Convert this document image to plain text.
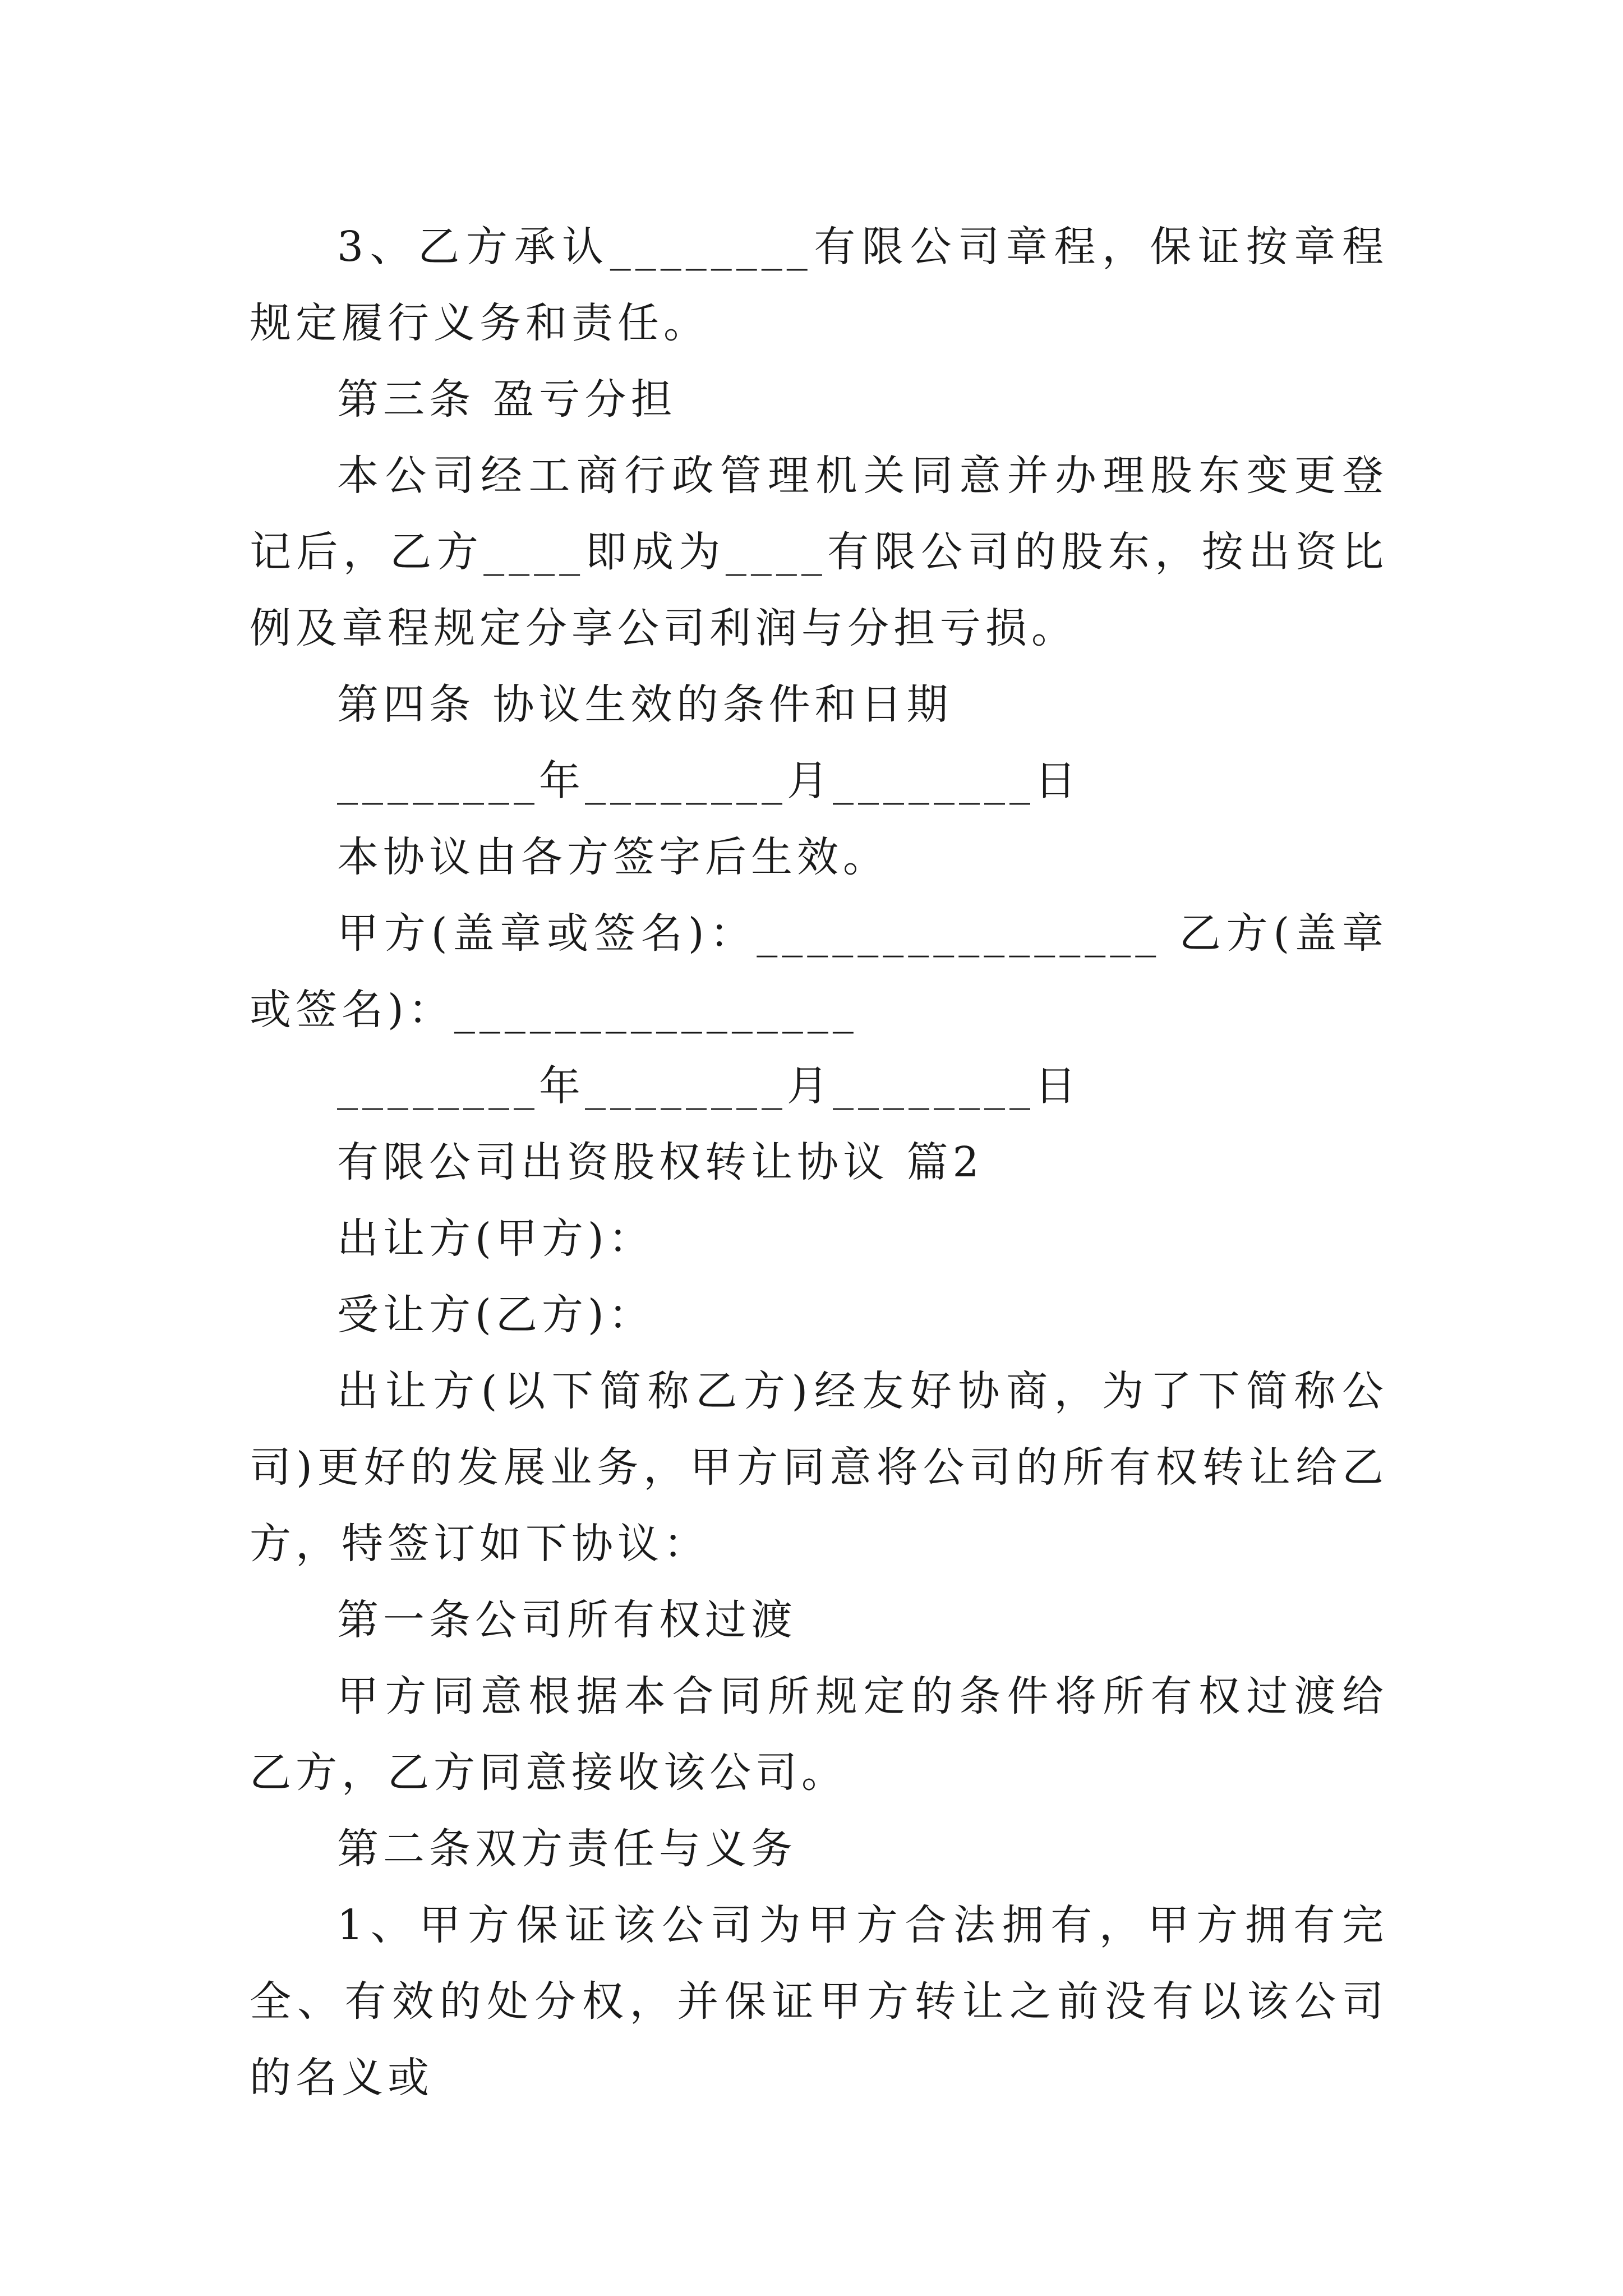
3、乙方承认________有限公司章程，保证按章程规定履行义务和责任。

第三条 盈亏分担

本公司经工商行政管理机关同意并办理股东变更登记后，乙方____即成为____有限公司的股东，按出资比例及章程规定分享公司利润与分担亏损。

第四条 协议生效的条件和日期

________年________月________日

本协议由各方签字后生效。

甲方(盖章或签名)：________________ 乙方(盖章或签名)：________________

________年________月________日

有限公司出资股权转让协议 篇2

出让方(甲方)：

受让方(乙方)：

出让方(以下简称乙方)经友好协商，为了下简称公司)更好的发展业务，甲方同意将公司的所有权转让给乙方，特签订如下协议：

第一条公司所有权过渡

甲方同意根据本合同所规定的条件将所有权过渡给乙方，乙方同意接收该公司。

第二条双方责任与义务

1、甲方保证该公司为甲方合法拥有，甲方拥有完全、有效的处分权，并保证甲方转让之前没有以该公司的名义或
